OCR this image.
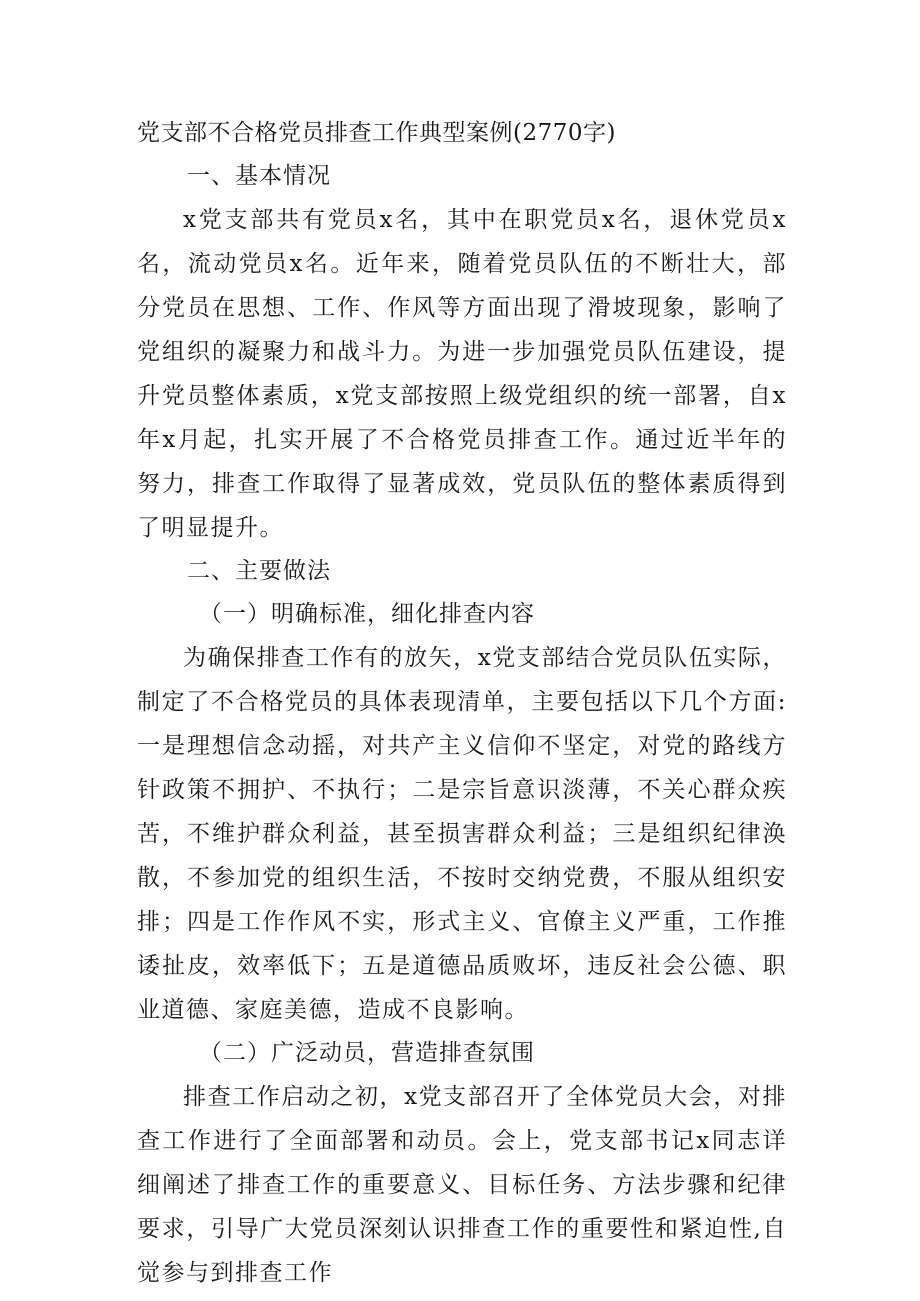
党支部不合格党员排查工作典型案例(2770字)

一、基本情况

x党支部共有党员x名，其中在职党员x名，退休党员x名，流动党员x名。近年来，随着党员队伍的不断壮大，部分党员在思想、工作、作风等方面出现了滑坡现象，影响了党组织的凝聚力和战斗力。为进一步加强党员队伍建设，提升党员整体素质，x党支部按照上级党组织的统一部署，自x年x月起，扎实开展了不合格党员排查工作。通过近半年的努力，排查工作取得了显著成效，党员队伍的整体素质得到了明显提升。

二、主要做法

（一）明确标准，细化排查内容

为确保排查工作有的放矢，x党支部结合党员队伍实际，制定了不合格党员的具体表现清单，主要包括以下几个方面:一是理想信念动摇，对共产主义信仰不坚定，对党的路线方针政策不拥护、不执行；二是宗旨意识淡薄，不关心群众疾苦，不维护群众利益，甚至损害群众利益；三是组织纪律涣散，不参加党的组织生活，不按时交纳党费，不服从组织安排；四是工作作风不实，形式主义、官僚主义严重，工作推诿扯皮，效率低下；五是道德品质败坏，违反社会公德、职业道德、家庭美德，造成不良影响。

（二）广泛动员，营造排查氛围

排查工作启动之初，x党支部召开了全体党员大会，对排查工作进行了全面部署和动员。会上，党支部书记x同志详细阐述了排查工作的重要意义、目标任务、方法步骤和纪律要求，引导广大党员深刻认识排查工作的重要性和紧迫性,自觉参与到排查工作
